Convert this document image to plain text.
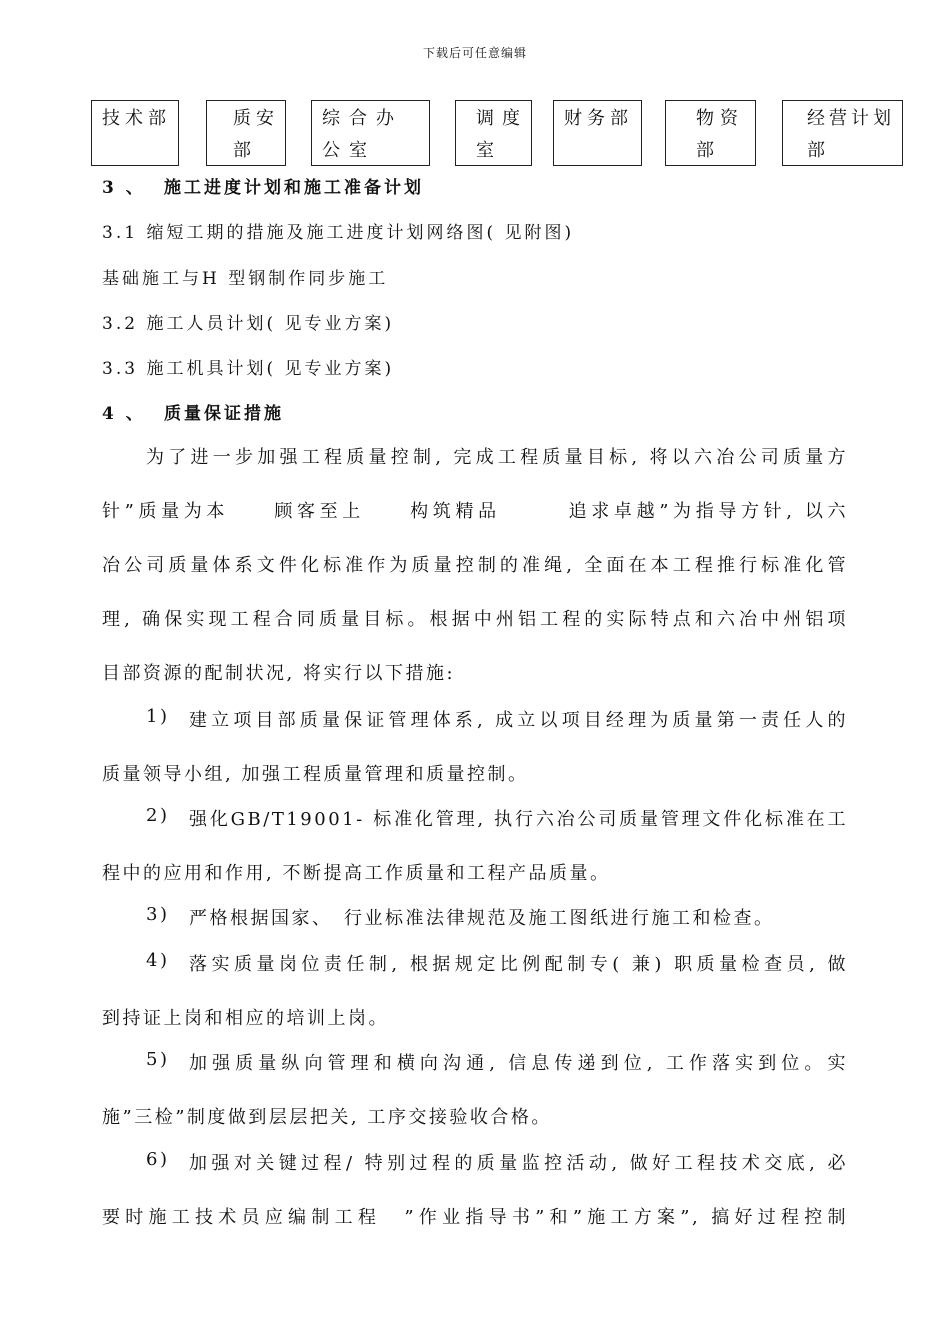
下载后可任意编辑
技术部	质安部
综合办公室
调度室
财务部	物资部
经营计划部
3 、 施工进度计划和施工准备计划
3.1 缩短工期的措施及施工进度计划网络图( 见附图)
基础施工与H 型钢制作同步施工
3.2 施工人员计划( 见专业方案)
3.3 施工机具计划( 见专业方案)
4 、 质量保证措施
为了进一步加强工程质量控制, 完成工程质量目标, 将以六冶公司质量方
针”质量为本　　顾客至上　　构筑精品　　　追求卓越”为指导方针, 以六
冶公司质量体系文件化标准作为质量控制的准绳, 全面在本工程推行标准化管
理, 确保实现工程合同质量目标。根据中州铝工程的实际特点和六冶中州铝项
目部资源的配制状况, 将实行以下措施:
1)	建立项目部质量保证管理体系, 成立以项目经理为质量第一责任人的
质量领导小组, 加强工程质量管理和质量控制。
2)	强化GB/T19001- 标准化管理, 执行六冶公司质量管理文件化标准在工
程中的应用和作用, 不断提高工作质量和工程产品质量。
3)	严格根据国家、　行业标准法律规范及施工图纸进行施工和检查。
4)	落实质量岗位责任制, 根据规定比例配制专( 兼) 职质量检查员, 做
到持证上岗和相应的培训上岗。
5)	加强质量纵向管理和横向沟通, 信息传递到位, 工作落实到位。实
施”三检”制度做到层层把关, 工序交接验收合格。
6)	加强对关键过程/ 特别过程的质量监控活动, 做好工程技术交底, 必
要时施工技术员应编制工程　”作业指导书”和”施工方案”, 搞好过程控制
